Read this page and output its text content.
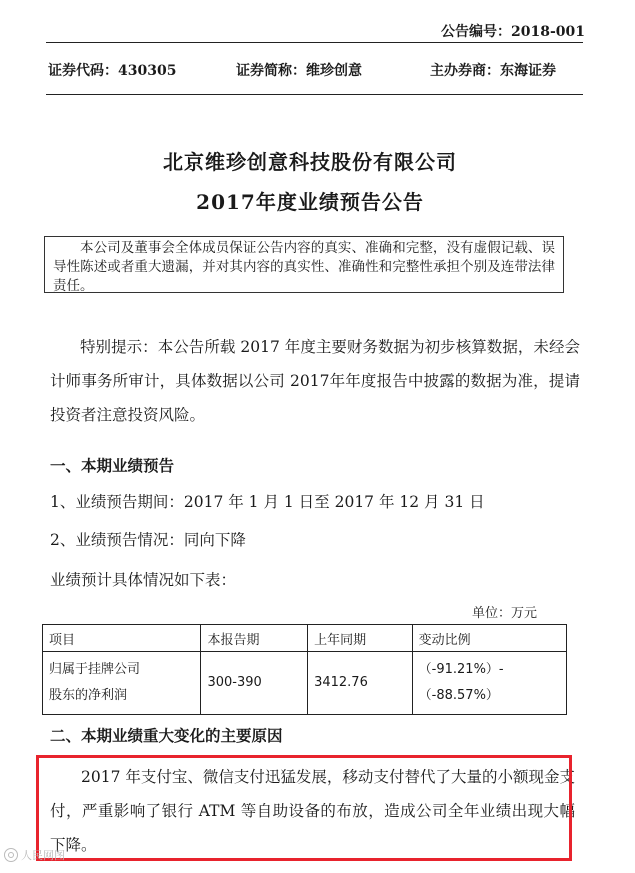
公告编号：2018-001
证券代码：430305	证券简称：维珍创意	主办券商：东海证券
北京维珍创意科技股份有限公司
2017年度业绩预告公告
本公司及董事会全体成员保证公告内容的真实、准确和完整，没有虚假记载、误导性陈述或者重大遗漏，并对其内容的真实性、准确性和完整性承担个别及连带法律责任。
特别提示：本公告所载 2017 年度主要财务数据为初步核算数据，未经会计师事务所审计，具体数据以公司 2017年年度报告中披露的数据为准，提请投资者注意投资风险。
一、本期业绩预告
1、业绩预告期间：2017 年 1 月 1 日至 2017 年 12 月 31 日
2、业绩预告情况：同向下降
业绩预计具体情况如下表：
单位：万元
项目	本报告期	上年同期	变动比例
归属于挂牌公司
股东的净利润	300-390	3412.76	（-91.21%）-
（-88.57%）
二、本期业绩重大变化的主要原因
2017 年支付宝、微信支付迅猛发展，移动支付替代了大量的小额现金支付，严重影响了银行 ATM 等自助设备的布放，造成公司全年业绩出现大幅下降。
人民网图
